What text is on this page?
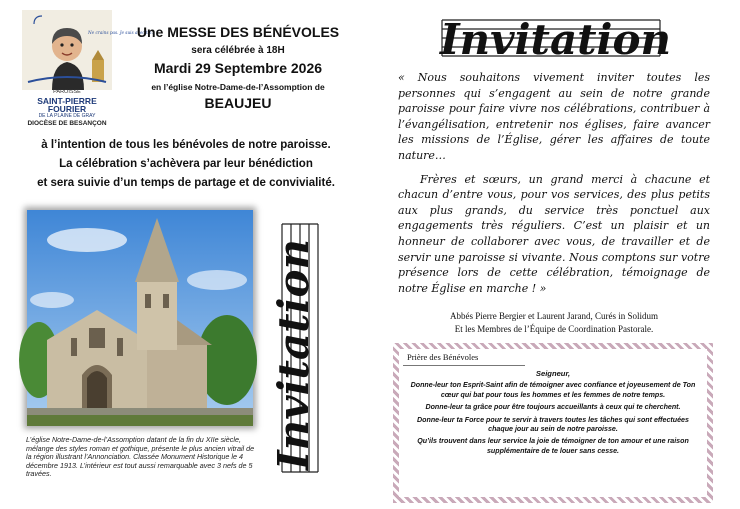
Ne crains pas. Je suis avec toi.
PAROISSE
SAINT-PIERRE FOURIER
DE LA PLAINE DE GRAY
DIOCÈSE DE BESANÇON
Une MESSE DES BÉNÉVOLES
sera célébrée à 18H
Mardi 29 Septembre 2026
en l’église Notre-Dame-de-l’Assomption de
BEAUJEU
à l’intention de tous les bénévoles de notre paroisse.
La célébration s’achèvera par leur bénédiction
et sera suivie d’un temps de partage et de convivialité.
L’église Notre-Dame-de-l’Assomption datant de la fin du XIIe siècle, mélange des styles roman et gothique, présente le plus ancien vitrail de la région illustrant l’Annonciation. Classée Monument Historique le 4 décembre 1913. L’intérieur est tout aussi remarquable avec 3 nefs de 5 travées.
Invitation
Invitation

« Nous souhaitons vivement inviter toutes les personnes qui s’engagent au sein de notre grande paroisse pour faire vivre nos célébrations, contribuer à l’évangélisation, entretenir nos églises, faire avancer les missions de l’Église, gérer les affaires de toute nature…

Frères et sœurs, un grand merci à chacune et chacun d’entre vous, pour vos services, des plus petits aux plus grands, du service très ponctuel aux engagements très réguliers. C’est un plaisir et un honneur de collaborer avec vous, de travailler et de servir une paroisse si vivante. Nous comptons sur votre présence lors de cette célébration, témoignage de notre Église en marche ! »

Abbés Pierre Bergier et Laurent Jarand, Curés in Solidum
Et les Membres de l’Équipe de Coordination Pastorale.
Prière des Bénévoles
Seigneur,
Donne-leur ton Esprit-Saint afin de témoigner avec confiance et joyeusement de Ton cœur qui bat pour tous les hommes et les femmes de notre temps.
Donne-leur ta grâce pour être toujours accueillants à ceux qui te cherchent.
Donne-leur ta Force pour te servir à travers toutes les tâches qui sont effectuées chaque jour au sein de notre paroisse.
Qu’ils trouvent dans leur service la joie de témoigner de ton amour et une raison supplémentaire de te louer sans cesse.
